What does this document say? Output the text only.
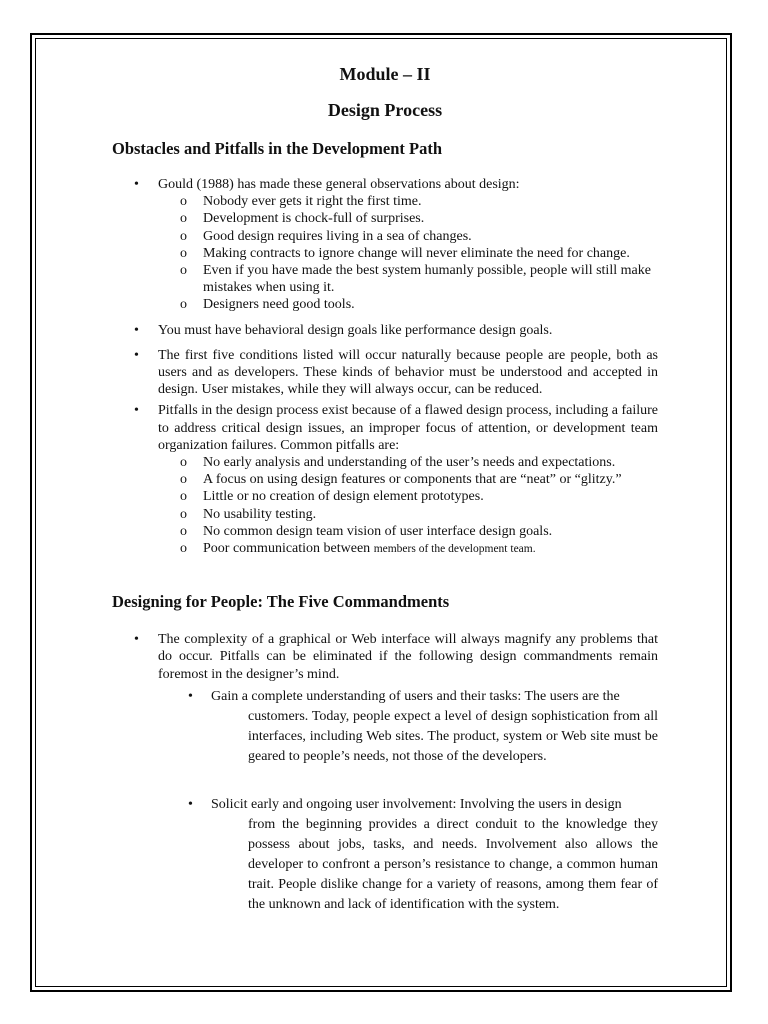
Module – II
Design Process
Obstacles and Pitfalls in the Development Path
• Gould (1988) has made these general observations about design:
o Nobody ever gets it right the first time.
o Development is chock-full of surprises.
o Good design requires living in a sea of changes.
o Making contracts to ignore change will never eliminate the need for change.
o Even if you have made the best system humanly possible, people will still make mistakes when using it.
o Designers need good tools.
• You must have behavioral design goals like performance design goals.
• The first five conditions listed will occur naturally because people are people, both as users and as developers. These kinds of behavior must be understood and accepted in design. User mistakes, while they will always occur, can be reduced.
• Pitfalls in the design process exist because of a flawed design process, including a failure to address critical design issues, an improper focus of attention, or development team organization failures. Common pitfalls are:
o No early analysis and understanding of the user’s needs and expectations.
o A focus on using design features or components that are “neat” or “glitzy.”
o Little or no creation of design element prototypes.
o No usability testing.
o No common design team vision of user interface design goals.
o Poor communication between members of the development team.
Designing for People: The Five Commandments
• The complexity of a graphical or Web interface will always magnify any problems that do occur. Pitfalls can be eliminated if the following design commandments remain foremost in the designer’s mind.
• Gain a complete understanding of users and their tasks: The users are the
customers. Today, people expect a level of design sophistication from all interfaces, including Web sites. The product, system or Web site must be geared to people’s needs, not those of the developers.
• Solicit early and ongoing user involvement: Involving the users in design
from the beginning provides a direct conduit to the knowledge they possess about jobs, tasks, and needs. Involvement also allows the developer to confront a person’s resistance to change, a common human trait. People dislike change for a variety of reasons, among them fear of the unknown and lack of identification with the system.
